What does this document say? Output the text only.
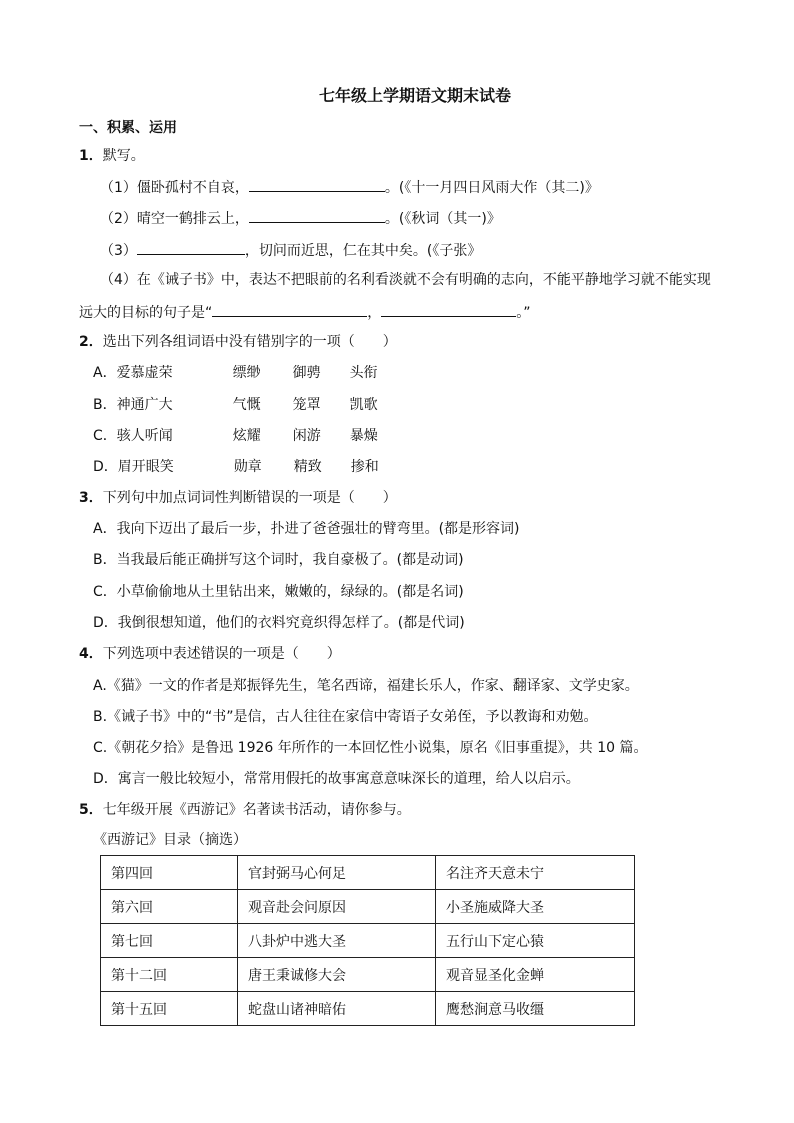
七年级上学期语文期末试卷
一、积累、运用
1．默写。
（1）僵卧孤村不自哀，	。(《十一月四日风雨大作（其二)》
（2）晴空一鹤排云上，	。(《秋词（其一)》
（3）	，切问而近思，仁在其中矣。(《子张》
（4）在《诫子书》中，表达不把眼前的名利看淡就不会有明确的志向，不能平静地学习就不能实现
远大的目标的句子是“	，	。”
2．选出下列各组词语中没有错别字的一项（　　）
A．爱慕虚荣	缥缈 御骋 头衔
B．神通广大	气慨 笼罩 凯歌
C．骇人听闻	炫耀 闲游 暴燥
D．眉开眼笑	勋章 精致 掺和
3．下列句中加点词词性判断错误的一项是（　　）
A．我向下迈出了最后一步，扑进了爸爸强壮的臂弯里。(都是形容词)
B．当我最后能正确拼写这个词时，我自豪极了。(都是动词)
C．小草偷偷地从土里钻出来，嫩嫩的，绿绿的。(都是名词)
D．我倒很想知道，他们的衣料究竟织得怎样了。(都是代词)
4．下列选项中表述错误的一项是（　　）
A.《猫》一文的作者是郑振铎先生，笔名西谛，福建长乐人，作家、翻译家、文学史家。
B.《诫子书》中的“书”是信，古人往往在家信中寄语子女弟侄，予以教诲和劝勉。
C.《朝花夕拾》是鲁迅 1926 年所作的一本回忆性小说集，原名《旧事重提》，共 10 篇。
D．寓言一般比较短小，常常用假托的故事寓意意味深长的道理，给人以启示。
5．七年级开展《西游记》名著读书活动，请你参与。
《西游记》目录（摘选）
第四回	官封弼马心何足	名注齐天意未宁
第六回	观音赴会问原因	小圣施威降大圣
第七回	八卦炉中逃大圣	五行山下定心猿
第十二回	唐王秉诚修大会	观音显圣化金蝉
第十五回	蛇盘山诸神暗佑	鹰愁涧意马收缰
